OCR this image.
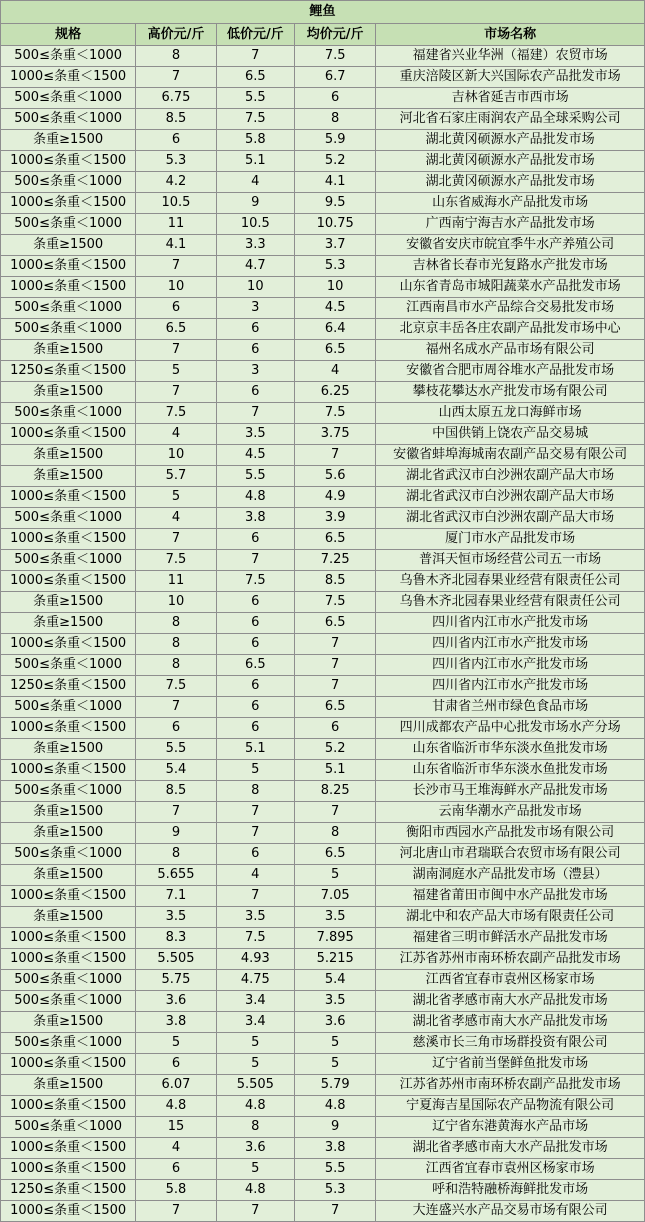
鲤鱼				
规格	高价元/斤	低价元/斤	均价元/斤	市场名称
500≤条重＜1000	8	7	7.5	福建省兴业华洲（福建）农贸市场
1000≤条重＜1500	7	6.5	6.7	重庆涪陵区新大兴国际农产品批发市场
500≤条重＜1000	6.75	5.5	6	吉林省延吉市西市场
500≤条重＜1000	8.5	7.5	8	河北省石家庄雨润农产品全球采购公司
条重≥1500	6	5.8	5.9	湖北黄冈硕源水产品批发市场
1000≤条重＜1500	5.3	5.1	5.2	湖北黄冈硕源水产品批发市场
500≤条重＜1000	4.2	4	4.1	湖北黄冈硕源水产品批发市场
1000≤条重＜1500	10.5	9	9.5	山东省威海水产品批发市场
500≤条重＜1000	11	10.5	10.75	广西南宁海吉水产品批发市场
条重≥1500	4.1	3.3	3.7	安徽省安庆市皖宜季牛水产养殖公司
1000≤条重＜1500	7	4.7	5.3	吉林省长春市光复路水产批发市场
1000≤条重＜1500	10	10	10	山东省青岛市城阳蔬菜水产品批发市场
500≤条重＜1000	6	3	4.5	江西南昌市水产品综合交易批发市场
500≤条重＜1000	6.5	6	6.4	北京京丰岳各庄农副产品批发市场中心
条重≥1500	7	6	6.5	福州名成水产品市场有限公司
1250≤条重＜1500	5	3	4	安徽省合肥市周谷堆水产品批发市场
条重≥1500	7	6	6.25	攀枝花攀达水产批发市场有限公司
500≤条重＜1000	7.5	7	7.5	山西太原五龙口海鲜市场
1000≤条重＜1500	4	3.5	3.75	中国供销上饶农产品交易城
条重≥1500	10	4.5	7	安徽省蚌埠海城南农副产品交易有限公司
条重≥1500	5.7	5.5	5.6	湖北省武汉市白沙洲农副产品大市场
1000≤条重＜1500	5	4.8	4.9	湖北省武汉市白沙洲农副产品大市场
500≤条重＜1000	4	3.8	3.9	湖北省武汉市白沙洲农副产品大市场
1000≤条重＜1500	7	6	6.5	厦门市水产品批发市场
500≤条重＜1000	7.5	7	7.25	普洱天恒市场经营公司五一市场
1000≤条重＜1500	11	7.5	8.5	乌鲁木齐北园春果业经营有限责任公司
条重≥1500	10	6	7.5	乌鲁木齐北园春果业经营有限责任公司
条重≥1500	8	6	6.5	四川省内江市水产批发市场
1000≤条重＜1500	8	6	7	四川省内江市水产批发市场
500≤条重＜1000	8	6.5	7	四川省内江市水产批发市场
1250≤条重＜1500	7.5	6	7	四川省内江市水产批发市场
500≤条重＜1000	7	6	6.5	甘肃省兰州市绿色食品市场
1000≤条重＜1500	6	6	6	四川成都农产品中心批发市场水产分场
条重≥1500	5.5	5.1	5.2	山东省临沂市华东淡水鱼批发市场
1000≤条重＜1500	5.4	5	5.1	山东省临沂市华东淡水鱼批发市场
500≤条重＜1000	8.5	8	8.25	长沙市马王堆海鲜水产品批发市场
条重≥1500	7	7	7	云南华潮水产品批发市场
条重≥1500	9	7	8	衡阳市西园水产品批发市场有限公司
500≤条重＜1000	8	6	6.5	河北唐山市君瑞联合农贸市场有限公司
条重≥1500	5.655	4	5	湖南洞庭水产品批发市场（澧县）
1000≤条重＜1500	7.1	7	7.05	福建省莆田市闽中水产品批发市场
条重≥1500	3.5	3.5	3.5	湖北中和农产品大市场有限责任公司
1000≤条重＜1500	8.3	7.5	7.895	福建省三明市鲜活水产品批发市场
1000≤条重＜1500	5.505	4.93	5.215	江苏省苏州市南环桥农副产品批发市场
500≤条重＜1000	5.75	4.75	5.4	江西省宜春市袁州区杨家市场
500≤条重＜1000	3.6	3.4	3.5	湖北省孝感市南大水产品批发市场
条重≥1500	3.8	3.4	3.6	湖北省孝感市南大水产品批发市场
500≤条重＜1000	5	5	5	慈溪市长三角市场群投资有限公司
1000≤条重＜1500	6	5	5	辽宁省前当堡鲜鱼批发市场
条重≥1500	6.07	5.505	5.79	江苏省苏州市南环桥农副产品批发市场
1000≤条重＜1500	4.8	4.8	4.8	宁夏海吉星国际农产品物流有限公司
500≤条重＜1000	15	8	9	辽宁省东港黄海水产品市场
1000≤条重＜1500	4	3.6	3.8	湖北省孝感市南大水产品批发市场
1000≤条重＜1500	6	5	5.5	江西省宜春市袁州区杨家市场
1250≤条重＜1500	5.8	4.8	5.3	呼和浩特融桥海鲜批发市场
1000≤条重＜1500	7	7	7	大连盛兴水产品交易市场有限公司
